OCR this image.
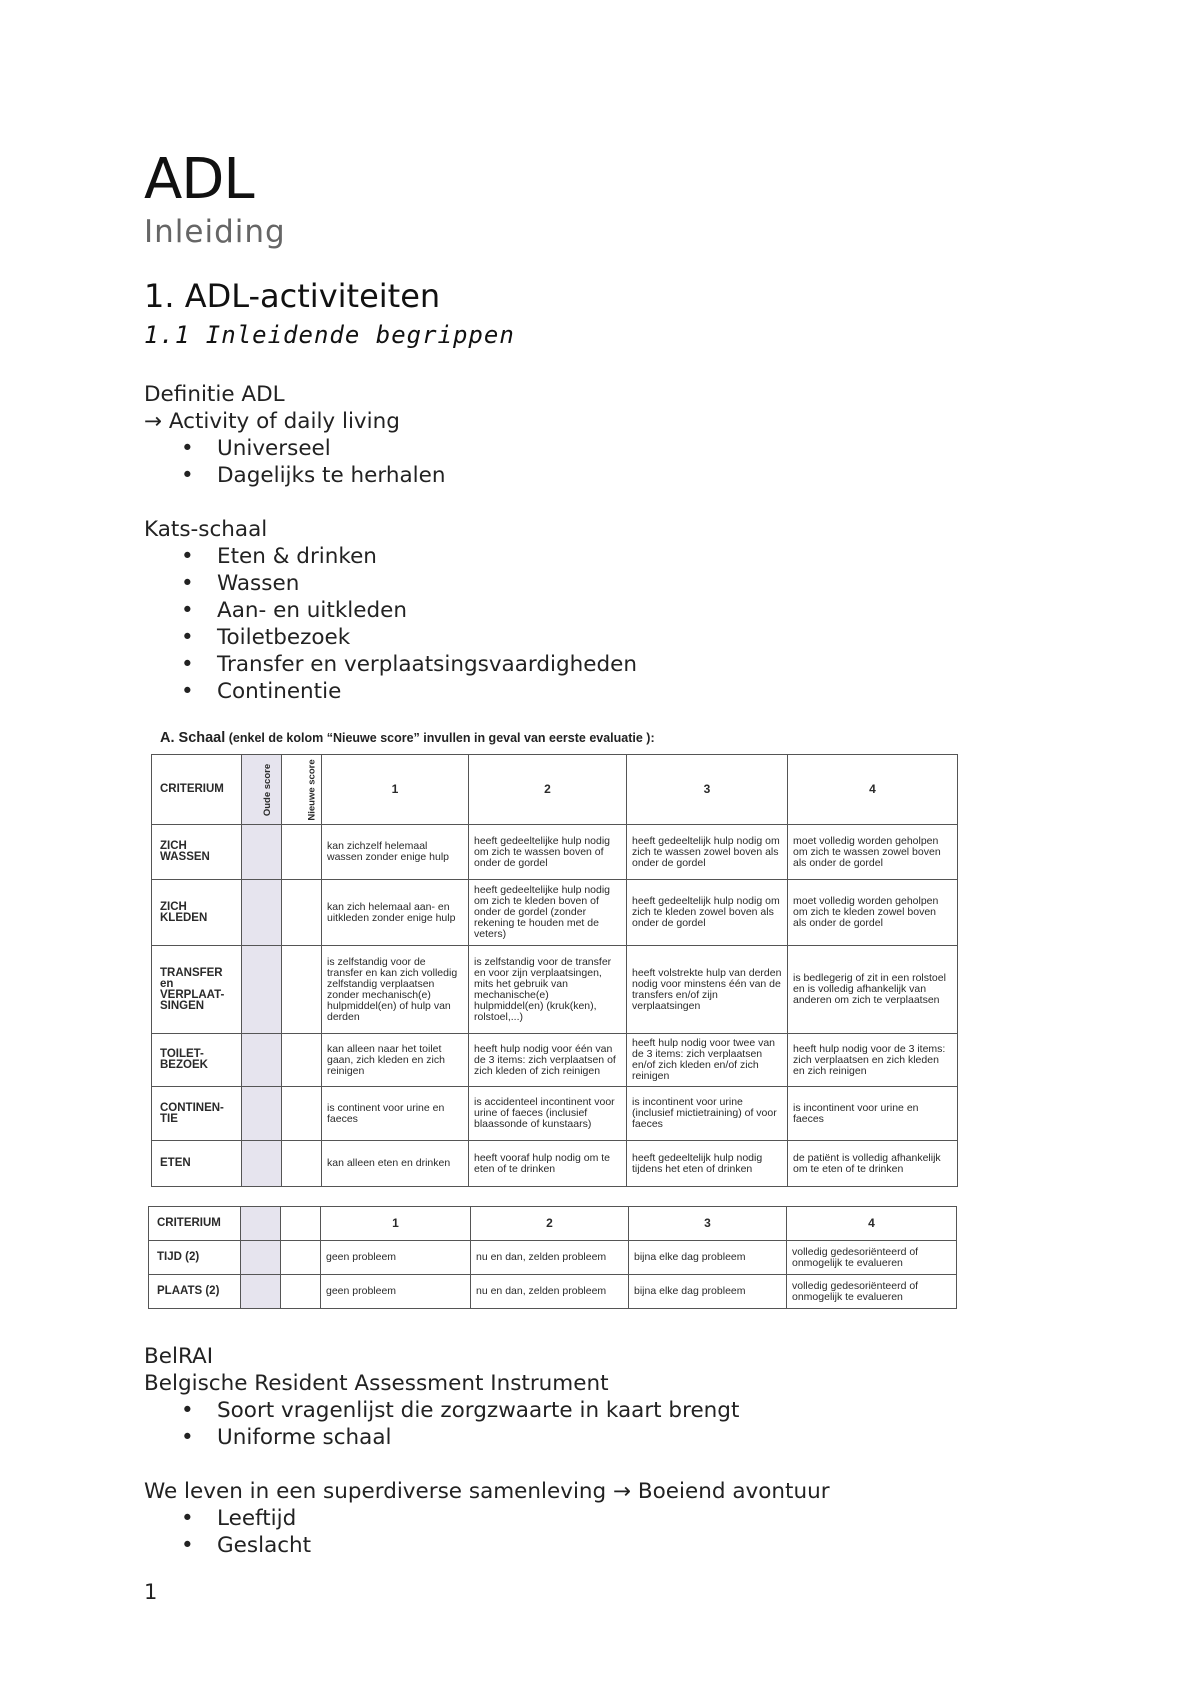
ADL
Inleiding
1. ADL-activiteiten
1.1 Inleidende begrippen
Definitie ADL
→ Activity of daily living
• Universeel
• Dagelijks te herhalen
Kats-schaal
• Eten & drinken
• Wassen
• Aan- en uitkleden
• Toiletbezoek
• Transfer en verplaatsingsvaardigheden
• Continentie
A. Schaal (enkel de kolom “Nieuwe score” invullen in geval van eerste evaluatie ):
CRITERIUM	Oude score	Nieuwe score	1	2	3	4
ZICH WASSEN			kan zichzelf helemaal wassen zonder enige hulp	heeft gedeeltelijke hulp nodig om zich te wassen boven of onder de gordel	heeft gedeeltelijk hulp nodig om zich te wassen zowel boven als onder de gordel	moet volledig worden geholpen om zich te wassen zowel boven als onder de gordel
ZICH KLEDEN			kan zich helemaal aan- en uitkleden zonder enige hulp	heeft gedeeltelijke hulp nodig om zich te kleden boven of onder de gordel (zonder rekening te houden met de veters)	heeft gedeeltelijk hulp nodig om zich te kleden zowel boven als onder de gordel	moet volledig worden geholpen om zich te kleden zowel boven als onder de gordel
TRANSFER en VERPLAAT-SINGEN			is zelfstandig voor de transfer en kan zich volledig zelfstandig verplaatsen zonder mechanisch(e) hulpmiddel(en) of hulp van derden	is zelfstandig voor de transfer en voor zijn verplaatsingen, mits het gebruik van mechanische(e) hulpmiddel(en) (kruk(ken), rolstoel,...)	heeft volstrekte hulp van derden nodig voor minstens één van de transfers en/of zijn verplaatsingen	is bedlegerig of zit in een rolstoel en is volledig afhankelijk van anderen om zich te verplaatsen
TOILET-BEZOEK			kan alleen naar het toilet gaan, zich kleden en zich reinigen	heeft hulp nodig voor één van de 3 items: zich verplaatsen of zich kleden of zich reinigen	heeft hulp nodig voor twee van de 3 items: zich verplaatsen en/of zich kleden en/of zich reinigen	heeft hulp nodig voor de 3 items: zich verplaatsen en zich kleden en zich reinigen
CONTINEN-TIE			is continent voor urine en faeces	is accidenteel incontinent voor urine of faeces (inclusief blaassonde of kunstaars)	is incontinent voor urine (inclusief mictietraining) of voor faeces	is incontinent voor urine en faeces
ETEN			kan alleen eten en drinken	heeft vooraf hulp nodig om te eten of te drinken	heeft gedeeltelijk hulp nodig tijdens het eten of drinken	de patiënt is volledig afhankelijk om te eten of te drinken
CRITERIUM			1	2	3	4
TIJD (2)			geen probleem	nu en dan, zelden probleem	bijna elke dag probleem	volledig gedesoriënteerd of onmogelijk te evalueren
PLAATS (2)			geen probleem	nu en dan, zelden probleem	bijna elke dag probleem	volledig gedesoriënteerd of onmogelijk te evalueren
BelRAI
Belgische Resident Assessment Instrument
• Soort vragenlijst die zorgzwaarte in kaart brengt
• Uniforme schaal
We leven in een superdiverse samenleving → Boeiend avontuur
• Leeftijd
• Geslacht
1
